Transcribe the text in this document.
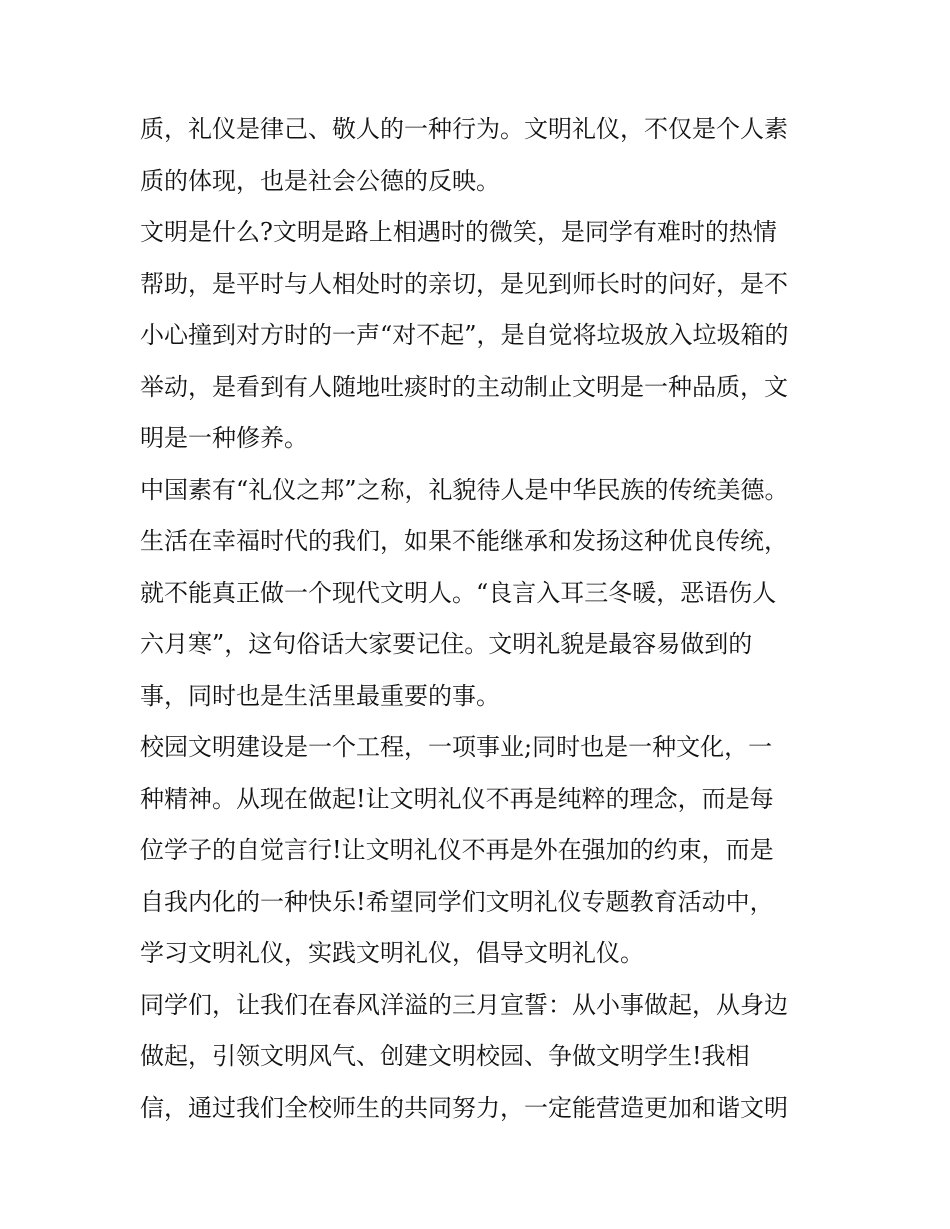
质，礼仪是律己、敬人的一种行为。文明礼仪，不仅是个人素
质的体现，也是社会公德的反映。
文明是什么?文明是路上相遇时的微笑，是同学有难时的热情
帮助，是平时与人相处时的亲切，是见到师长时的问好，是不
小心撞到对方时的一声“对不起”，是自觉将垃圾放入垃圾箱的
举动，是看到有人随地吐痰时的主动制止文明是一种品质，文
明是一种修养。
中国素有“礼仪之邦”之称，礼貌待人是中华民族的传统美德。
生活在幸福时代的我们，如果不能继承和发扬这种优良传统，
就不能真正做一个现代文明人。“良言入耳三冬暖，恶语伤人
六月寒”，这句俗话大家要记住。文明礼貌是最容易做到的
事，同时也是生活里最重要的事。
校园文明建设是一个工程，一项事业;同时也是一种文化，一
种精神。从现在做起!让文明礼仪不再是纯粹的理念，而是每
位学子的自觉言行!让文明礼仪不再是外在强加的约束，而是
自我内化的一种快乐!希望同学们文明礼仪专题教育活动中，
学习文明礼仪，实践文明礼仪，倡导文明礼仪。
同学们，让我们在春风洋溢的三月宣誓：从小事做起，从身边
做起，引领文明风气、创建文明校园、争做文明学生!我相
信，通过我们全校师生的共同努力，一定能营造更加和谐文明
